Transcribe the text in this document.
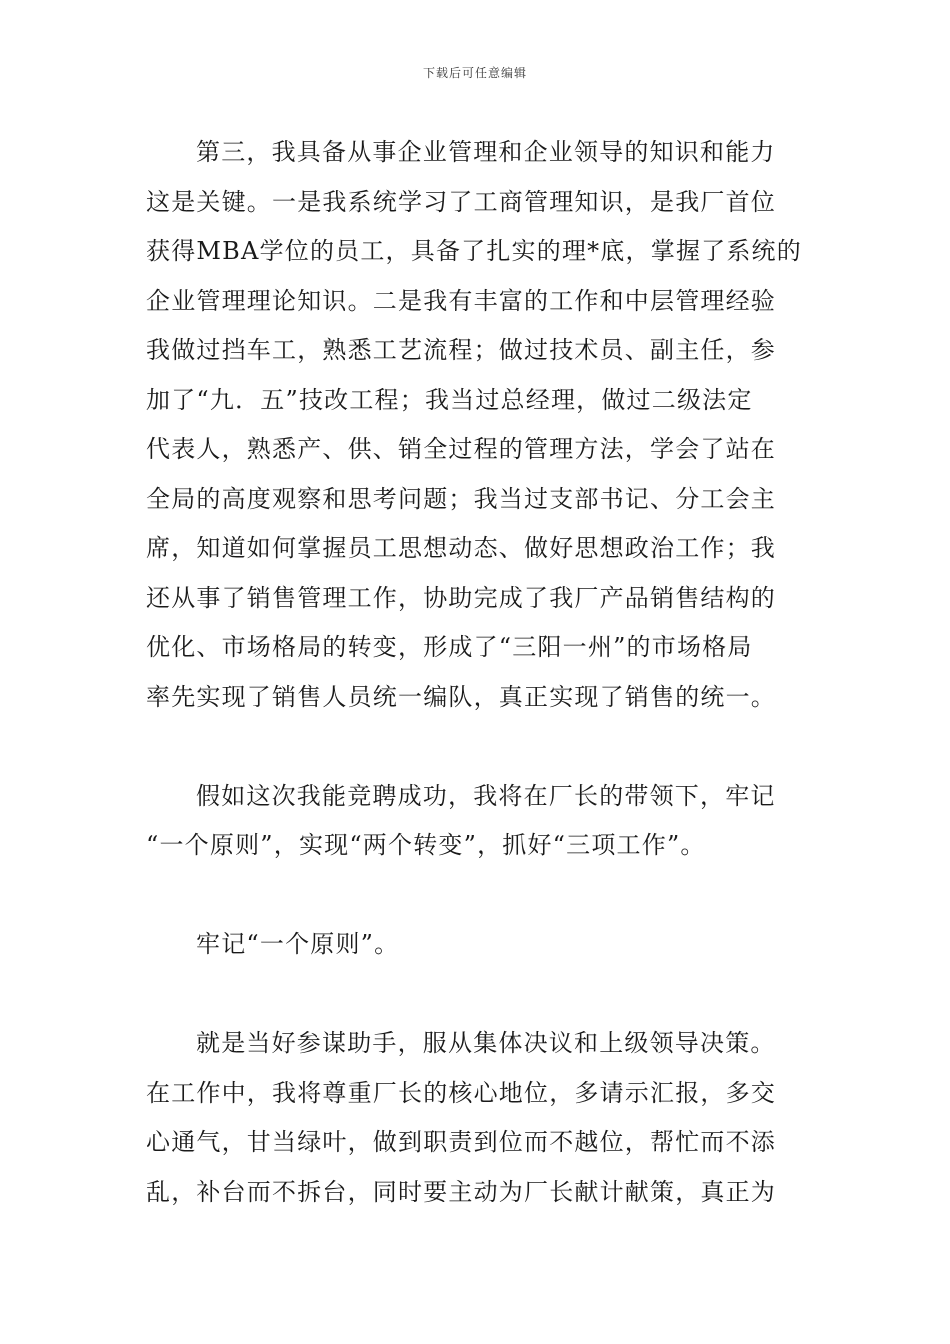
下载后可任意编辑
第三，我具备从事企业管理和企业领导的知识和能力
这是关键。一是我系统学习了工商管理知识，是我厂首位
获得MBA学位的员工，具备了扎实的理*底，掌握了系统的
企业管理理论知识。二是我有丰富的工作和中层管理经验
我做过挡车工，熟悉工艺流程；做过技术员、副主任，参
加了“九．五”技改工程；我当过总经理，做过二级法定
代表人，熟悉产、供、销全过程的管理方法，学会了站在
全局的高度观察和思考问题；我当过支部书记、分工会主
席，知道如何掌握员工思想动态、做好思想政治工作；我
还从事了销售管理工作，协助完成了我厂产品销售结构的
优化、市场格局的转变，形成了“三阳一州”的市场格局
率先实现了销售人员统一编队，真正实现了销售的统一。
假如这次我能竞聘成功，我将在厂长的带领下，牢记
“一个原则”，实现“两个转变”，抓好“三项工作”。
牢记“一个原则”。
就是当好参谋助手，服从集体决议和上级领导决策。
在工作中，我将尊重厂长的核心地位，多请示汇报，多交
心通气，甘当绿叶，做到职责到位而不越位，帮忙而不添
乱，补台而不拆台，同时要主动为厂长献计献策，真正为
